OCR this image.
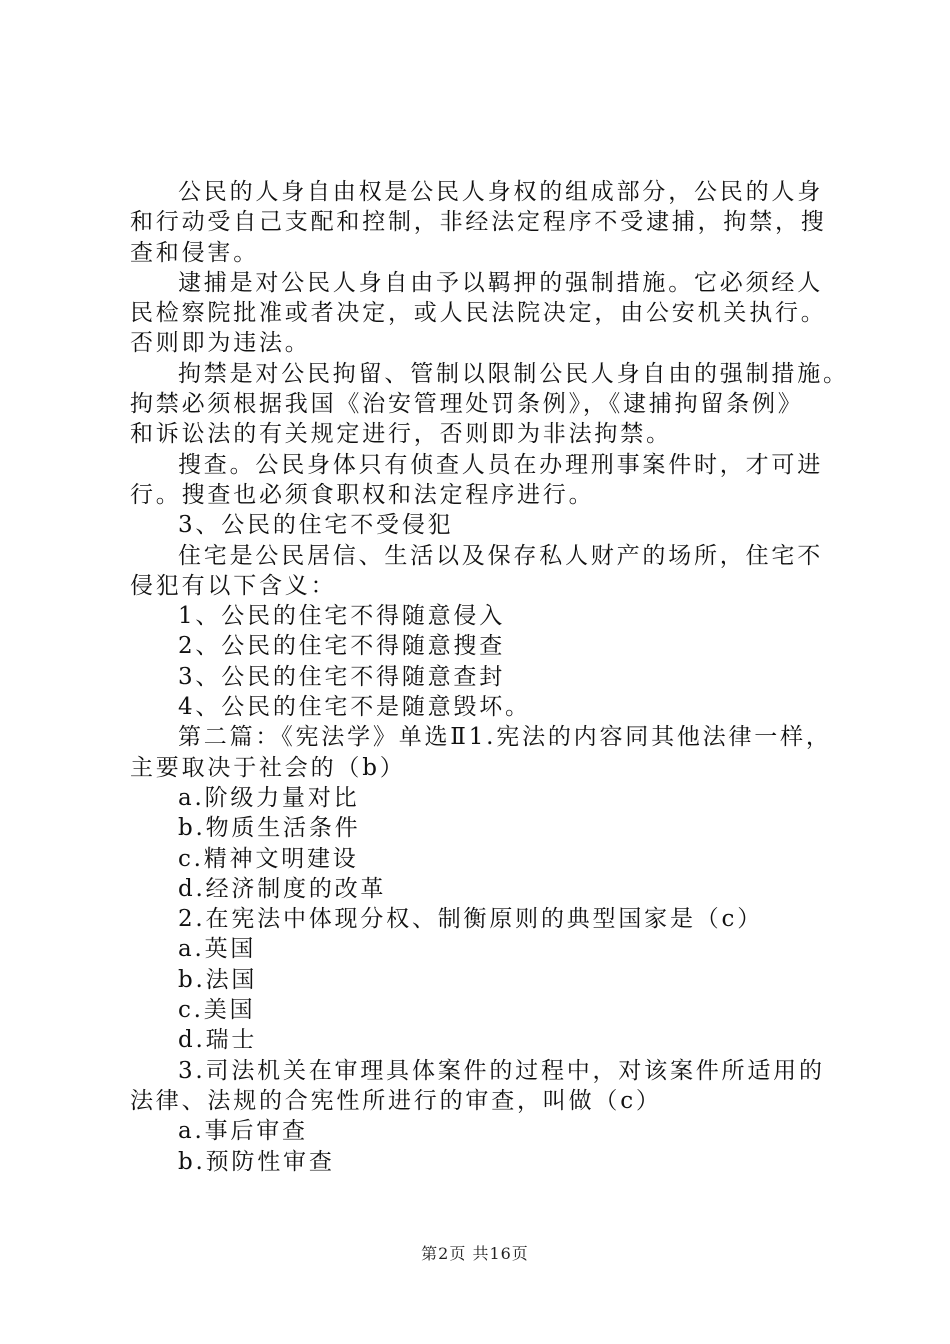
公民的人身自由权是公民人身权的组成部分，公民的人身
和行动受自己支配和控制，非经法定程序不受逮捕，拘禁，搜
查和侵害。
逮捕是对公民人身自由予以羁押的强制措施。它必须经人
民检察院批准或者决定，或人民法院决定，由公安机关执行。
否则即为违法。
拘禁是对公民拘留、管制以限制公民人身自由的强制措施。
拘禁必须根据我国《治安管理处罚条例》，《逮捕拘留条例》
和诉讼法的有关规定进行，否则即为非法拘禁。
搜查。公民身体只有侦查人员在办理刑事案件时，才可进
行。搜查也必须食职权和法定程序进行。
3、公民的住宅不受侵犯
住宅是公民居信、生活以及保存私人财产的场所，住宅不
侵犯有以下含义：
1、公民的住宅不得随意侵入
2、公民的住宅不得随意搜查
3、公民的住宅不得随意查封
4、公民的住宅不是随意毁坏。
第二篇：《宪法学》单选Ⅱ1.宪法的内容同其他法律一样，
主要取决于社会的（b）
a.阶级力量对比
b.物质生活条件
c.精神文明建设
d.经济制度的改革
2.在宪法中体现分权、制衡原则的典型国家是（c）
a.英国
b.法国
c.美国
d.瑞士
3.司法机关在审理具体案件的过程中，对该案件所适用的
法律、法规的合宪性所进行的审查，叫做（c）
a.事后审查
b.预防性审查
第2页 共16页
